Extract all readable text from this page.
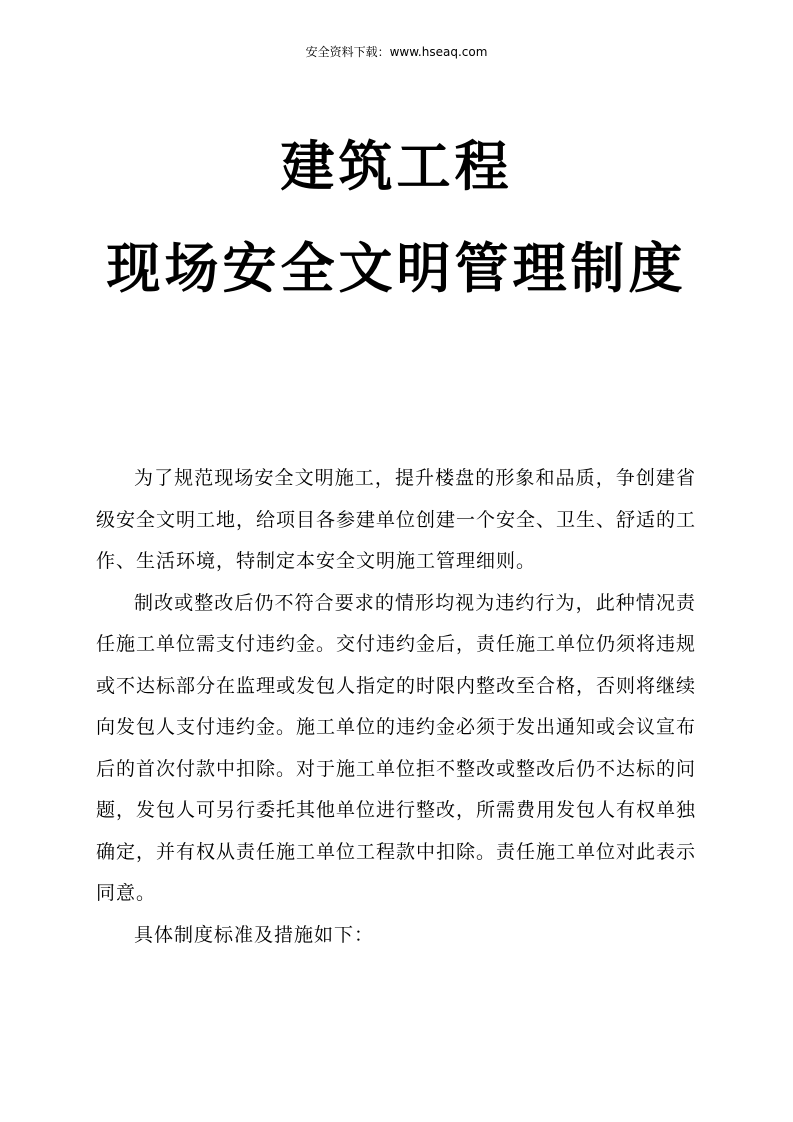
安全资料下载：www.hseaq.com
建筑工程
现场安全文明管理制度

为了规范现场安全文明施工，提升楼盘的形象和品质，争创建省级安全文明工地，给项目各参建单位创建一个安全、卫生、舒适的工作、生活环境，特制定本安全文明施工管理细则。

制改或整改后仍不符合要求的情形均视为违约行为，此种情况责任施工单位需支付违约金。交付违约金后，责任施工单位仍须将违规或不达标部分在监理或发包人指定的时限内整改至合格，否则将继续向发包人支付违约金。施工单位的违约金必须于发出通知或会议宣布后的首次付款中扣除。对于施工单位拒不整改或整改后仍不达标的问题，发包人可另行委托其他单位进行整改，所需费用发包人有权单独确定，并有权从责任施工单位工程款中扣除。责任施工单位对此表示同意。

具体制度标准及措施如下：
